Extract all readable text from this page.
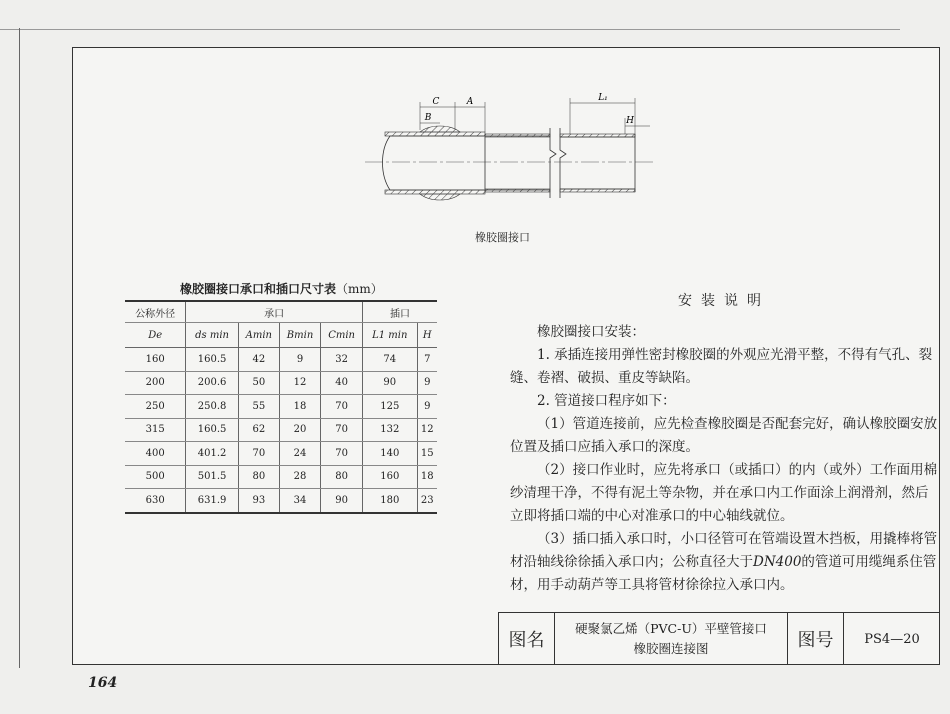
C	A
B
L₁
H
橡胶圈接口
橡胶圈接口承口和插口尺寸表（mm）
公称外径	承口				插口	
De	ds min	Amin	Bmin	Cmin	L1 min	H
160	160.5	42	9	32	74	7
200	200.6	50	12	40	90	9
250	250.8	55	18	70	125	9
315	160.5	62	20	70	132	12
400	401.2	70	24	70	140	15
500	501.5	80	28	80	160	18
630	631.9	93	34	90	180	23
安装说明

橡胶圈接口安装：

1. 承插连接用弹性密封橡胶圈的外观应光滑平整，不得有气孔、裂缝、卷褶、破损、重皮等缺陷。

2. 管道接口程序如下：

（1）管道连接前，应先检查橡胶圈是否配套完好，确认橡胶圈安放位置及插口应插入承口的深度。

（2）接口作业时，应先将承口（或插口）的内（或外）工作面用棉纱清理干净，不得有泥土等杂物，并在承口内工作面涂上润滑剂，然后立即将插口端的中心对准承口的中心轴线就位。

（3）插口插入承口时，小口径管可在管端设置木挡板，用撬棒将管材沿轴线徐徐插入承口内；公称直径大于DN400的管道可用缆绳系住管材，用手动葫芦等工具将管材徐徐拉入承口内。

图名
硬聚氯乙烯（PVC-U）平壁管接口
橡胶圈连接图	图号	PS4—20
164
